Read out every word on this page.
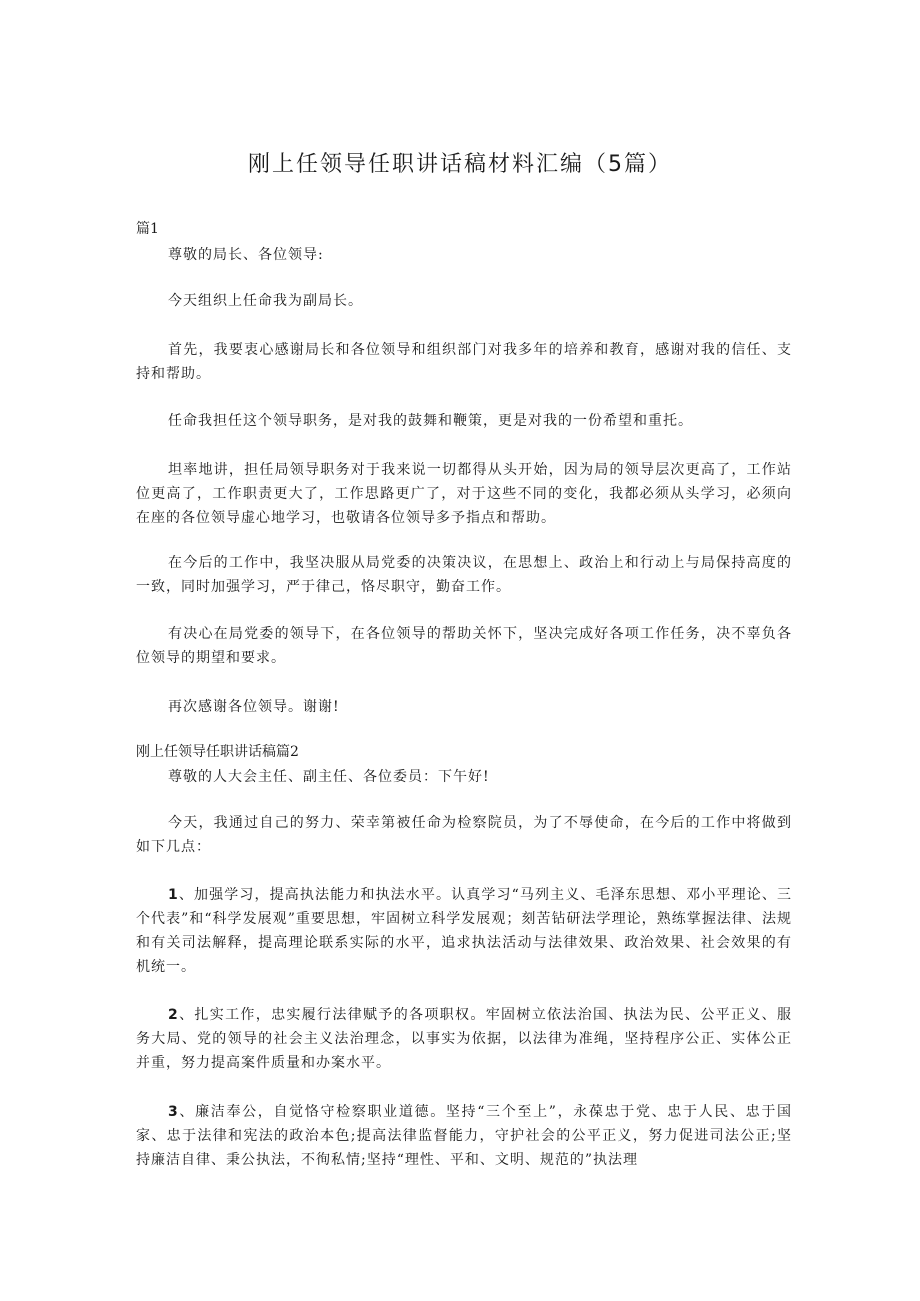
刚上任领导任职讲话稿材料汇编（5篇）
篇1

尊敬的局长、各位领导:

今天组织上任命我为副局长。

首先，我要衷心感谢局长和各位领导和组织部门对我多年的培养和教育，感谢对我的信任、支持和帮助。

任命我担任这个领导职务，是对我的鼓舞和鞭策，更是对我的一份希望和重托。

坦率地讲，担任局领导职务对于我来说一切都得从头开始，因为局的领导层次更高了，工作站位更高了，工作职责更大了，工作思路更广了，对于这些不同的变化，我都必须从头学习，必须向在座的各位领导虚心地学习，也敬请各位领导多予指点和帮助。

在今后的工作中，我坚决服从局党委的决策决议，在思想上、政治上和行动上与局保持高度的一致，同时加强学习，严于律己，恪尽职守，勤奋工作。

有决心在局党委的领导下，在各位领导的帮助关怀下，坚决完成好各项工作任务，决不辜负各位领导的期望和要求。

再次感谢各位领导。谢谢!

刚上任领导任职讲话稿篇2

尊敬的人大会主任、副主任、各位委员：下午好!

今天，我通过自己的努力、荣幸第被任命为检察院员，为了不辱使命，在今后的工作中将做到如下几点：

1、加强学习，提高执法能力和执法水平。认真学习“马列主义、毛泽东思想、邓小平理论、三个代表”和“科学发展观”重要思想，牢固树立科学发展观；刻苦钻研法学理论，熟练掌握法律、法规和有关司法解释，提高理论联系实际的水平，追求执法活动与法律效果、政治效果、社会效果的有机统一。

2、扎实工作，忠实履行法律赋予的各项职权。牢固树立依法治国、执法为民、公平正义、服务大局、党的领导的社会主义法治理念，以事实为依据，以法律为准绳，坚持程序公正、实体公正并重，努力提高案件质量和办案水平。

3、廉洁奉公，自觉恪守检察职业道德。坚持“三个至上”，永葆忠于党、忠于人民、忠于国家、忠于法律和宪法的政治本色;提高法律监督能力，守护社会的公平正义，努力促进司法公正;坚持廉洁自律、秉公执法，不徇私情;坚持“理性、平和、文明、规范的”执法理
